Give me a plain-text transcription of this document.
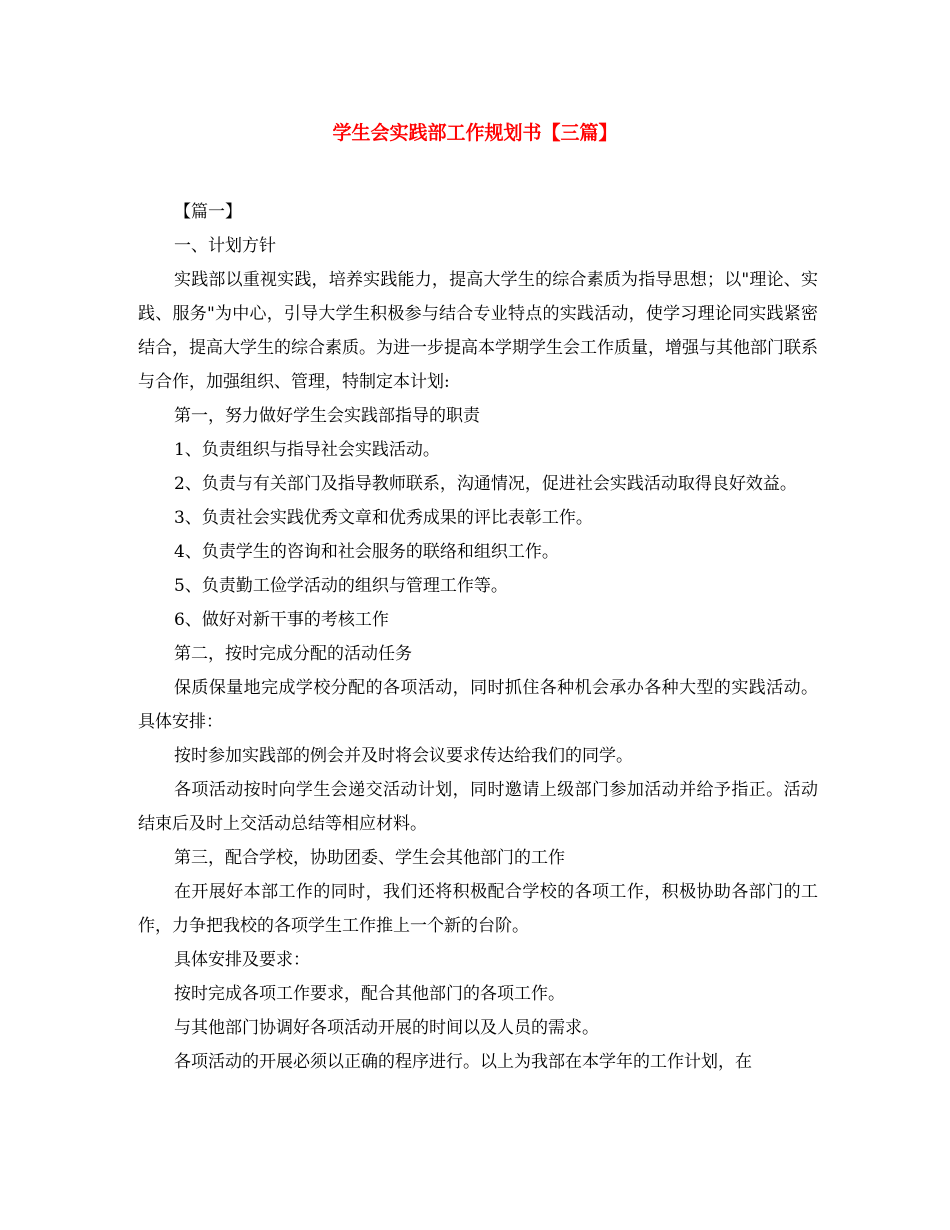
学生会实践部工作规划书【三篇】

【篇一】

一、计划方针

实践部以重视实践，培养实践能力，提高大学生的综合素质为指导思想；以"理论、实践、服务"为中心，引导大学生积极参与结合专业特点的实践活动，使学习理论同实践紧密结合，提高大学生的综合素质。为进一步提高本学期学生会工作质量，增强与其他部门联系与合作，加强组织、管理，特制定本计划:

第一，努力做好学生会实践部指导的职责

1、负责组织与指导社会实践活动。

2、负责与有关部门及指导教师联系，沟通情况，促进社会实践活动取得良好效益。

3、负责社会实践优秀文章和优秀成果的评比表彰工作。

4、负责学生的咨询和社会服务的联络和组织工作。

5、负责勤工俭学活动的组织与管理工作等。

6、做好对新干事的考核工作

第二，按时完成分配的活动任务

保质保量地完成学校分配的各项活动，同时抓住各种机会承办各种大型的实践活动。具体安排：

按时参加实践部的例会并及时将会议要求传达给我们的同学。

各项活动按时向学生会递交活动计划，同时邀请上级部门参加活动并给予指正。活动结束后及时上交活动总结等相应材料。

第三，配合学校，协助团委、学生会其他部门的工作

在开展好本部工作的同时，我们还将积极配合学校的各项工作，积极协助各部门的工作，力争把我校的各项学生工作推上一个新的台阶。

具体安排及要求：

按时完成各项工作要求，配合其他部门的各项工作。

与其他部门协调好各项活动开展的时间以及人员的需求。

各项活动的开展必须以正确的程序进行。以上为我部在本学年的工作计划，在
